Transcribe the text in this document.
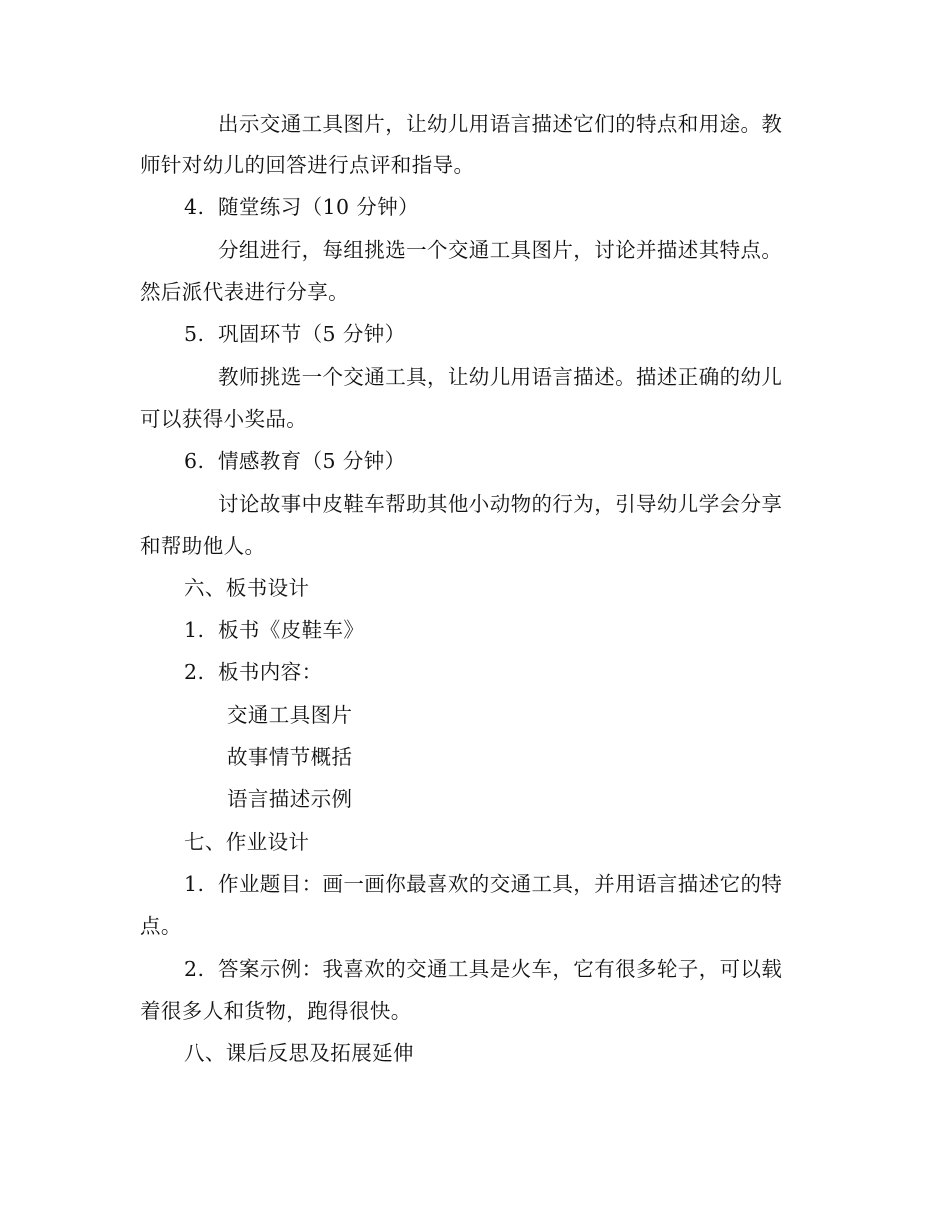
出示交通工具图片，让幼儿用语言描述它们的特点和用途。教
师针对幼儿的回答进行点评和指导。
4. 随堂练习（10 分钟）
分组进行，每组挑选一个交通工具图片，讨论并描述其特点。
然后派代表进行分享。
5. 巩固环节（5 分钟）
教师挑选一个交通工具，让幼儿用语言描述。描述正确的幼儿
可以获得小奖品。
6. 情感教育（5 分钟）
讨论故事中皮鞋车帮助其他小动物的行为，引导幼儿学会分享
和帮助他人。
六、板书设计
1. 板书《皮鞋车》
2. 板书内容：
交通工具图片
故事情节概括
语言描述示例
七、作业设计
1. 作业题目：画一画你最喜欢的交通工具，并用语言描述它的特
点。
2. 答案示例：我喜欢的交通工具是火车，它有很多轮子，可以载
着很多人和货物，跑得很快。
八、课后反思及拓展延伸
